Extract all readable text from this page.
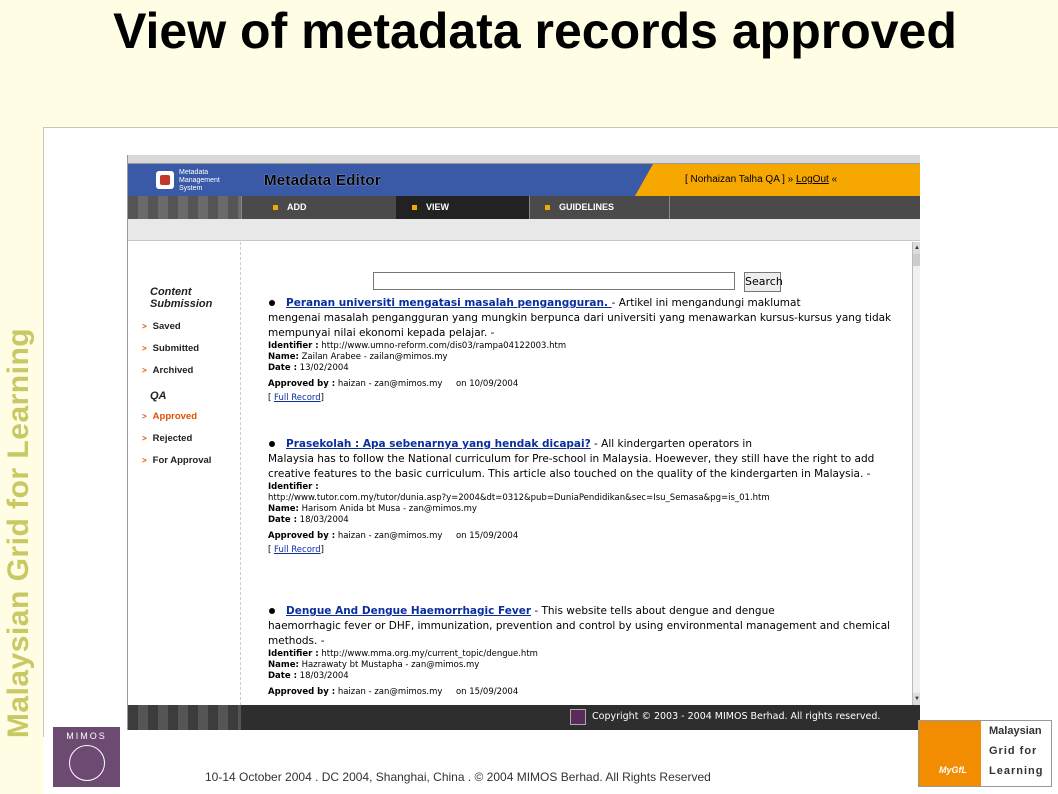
View of metadata records approved
Malaysian Grid for Learning
Metadata
Management
System	Metadata Editor	[ Norhaizan Talha QA ] » LogOut «
ADD	VIEW	GUIDELINES
Content
Submission
> Saved
> Submitted
> Archived
QA
> Approved
> Rejected
> For Approval
Search
Peranan universiti mengatasi masalah pengangguran. - Artikel ini mengandungi maklumat
mengenai masalah pengangguran yang mungkin berpunca dari universiti yang menawarkan kursus-kursus yang tidak mempunyai nilai ekonomi kepada pelajar. -
Identifier : http://www.umno-reform.com/dis03/rampa04122003.htm
Name: Zailan Arabee - zailan@mimos.my
Date : 13/02/2004
Approved by : haizan - zan@mimos.my     on 10/09/2004
[ Full Record]
Prasekolah : Apa sebenarnya yang hendak dicapai? - All kindergarten operators in
Malaysia has to follow the National curriculum for Pre-school in Malaysia. Hoewever, they still have the right to add creative features to the basic curriculum. This article also touched on the quality of the kindergarten in Malaysia. -
Identifier :
http://www.tutor.com.my/tutor/dunia.asp?y=2004&dt=0312&pub=DuniaPendidikan&sec=Isu_Semasa&pg=is_01.htm
Name: Harisom Anida bt Musa - zan@mimos.my
Date : 18/03/2004
Approved by : haizan - zan@mimos.my     on 15/09/2004
[ Full Record]
Dengue And Dengue Haemorrhagic Fever - This website tells about dengue and dengue
haemorrhagic fever or DHF, immunization, prevention and control by using environmental management and chemical methods. -
Identifier : http://www.mma.org.my/current_topic/dengue.htm
Name: Hazrawaty bt Mustapha - zan@mimos.my
Date : 18/03/2004
Approved by : haizan - zan@mimos.my     on 15/09/2004
▲
▼
Copyright © 2003 - 2004 MIMOS Berhad. All rights reserved.
MIMOS
10-14 October 2004 . DC 2004, Shanghai, China . © 2004 MIMOS Berhad. All Rights Reserved	MyGfL
Malaysian
Grid for
Learning
